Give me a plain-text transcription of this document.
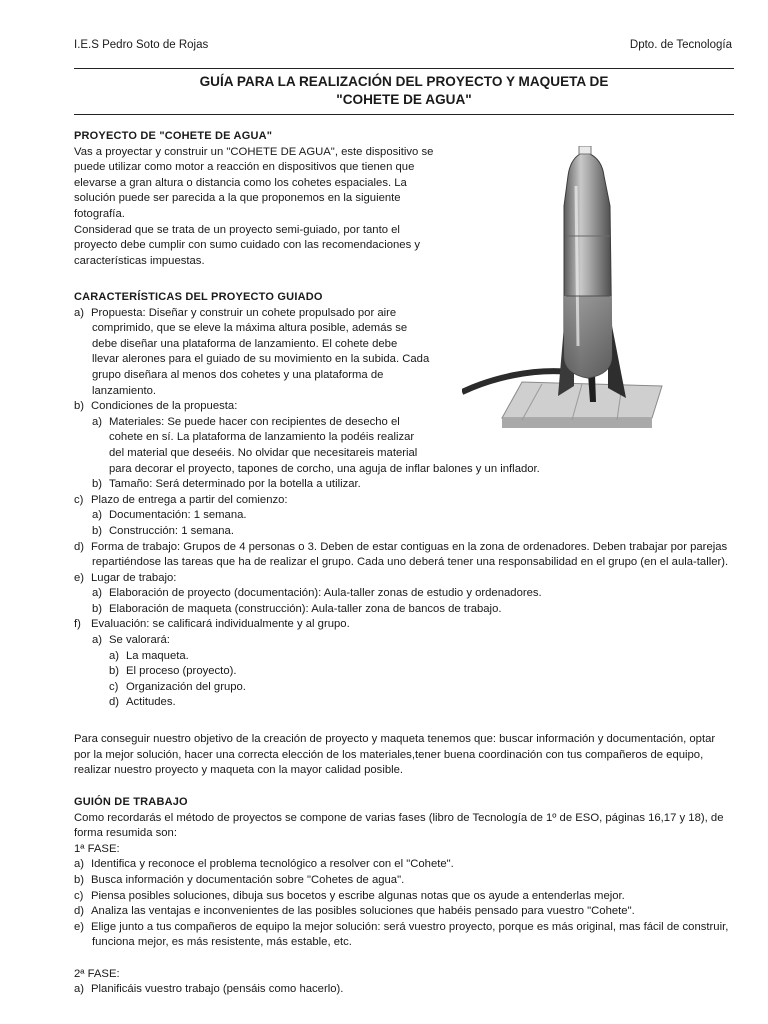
I.E.S Pedro Soto de Rojas	Dpto. de Tecnología
GUÍA PARA LA REALIZACIÓN DEL PROYECTO Y MAQUETA DE
"COHETE DE AGUA"

PROYECTO DE "COHETE DE AGUA"

Vas a proyectar y construir un "COHETE DE AGUA", este dispositivo se

puede utilizar como motor a reacción en dispositivos que tienen que

elevarse a gran altura o distancia como los cohetes espaciales. La

solución puede ser parecida a la que proponemos en la siguiente

fotografía.

Considerad que se trata de un proyecto semi-guiado, por tanto el

proyecto debe cumplir con sumo cuidado con las recomendaciones y

características impuestas.

CARACTERÍSTICAS DEL PROYECTO GUIADO

a) Propuesta: Diseñar y construir un cohete propulsado por aire

comprimido, que se eleve la máxima altura posible, además se

debe diseñar una plataforma de lanzamiento. El cohete debe

llevar alerones para el guiado de su movimiento en la subida. Cada

grupo diseñara al menos dos cohetes y una plataforma de

lanzamiento.

b) Condiciones de la propuesta:

a) Materiales: Se puede hacer con recipientes de desecho el

cohete en sí. La plataforma de lanzamiento la podéis realizar

del material que deseéis. No olvidar que necesitareis material

para decorar el proyecto, tapones de corcho, una aguja de inflar balones y un inflador.

b) Tamaño: Será determinado por la botella a utilizar.

c) Plazo de entrega a partir del comienzo:

a) Documentación: 1 semana.

b) Construcción: 1 semana.

d) Forma de trabajo: Grupos de 4 personas o 3. Deben de estar contiguas en la zona de ordenadores. Deben trabajar por parejas

repartiéndose las tareas que ha de realizar el grupo. Cada uno deberá tener una responsabilidad en el grupo (en el aula-taller).

e) Lugar de trabajo:

a) Elaboración de proyecto (documentación): Aula-taller zonas de estudio y ordenadores.

b) Elaboración de maqueta (construcción): Aula-taller zona de bancos de trabajo.

f) Evaluación: se calificará individualmente y al grupo.

a) Se valorará:

a) La maqueta.

b) El proceso (proyecto).

c) Organización del grupo.

d) Actitudes.

Para conseguir nuestro objetivo de la creación de proyecto y maqueta tenemos que: buscar información y documentación, optar

por la mejor solución, hacer una correcta elección de los materiales,tener buena coordinación con tus compañeros de equipo,

realizar nuestro proyecto y maqueta con la mayor calidad posible.

GUIÓN DE TRABAJO

Como recordarás el método de proyectos se compone de varias fases (libro de Tecnología de 1º de ESO, páginas 16,17 y 18), de

forma resumida son:

1ª FASE:

a) Identifica y reconoce el problema tecnológico a resolver con el "Cohete".

b) Busca información y documentación sobre "Cohetes de agua".

c) Piensa posibles soluciones, dibuja sus bocetos y escribe algunas notas que os ayude a entenderlas mejor.

d) Analiza las ventajas e inconvenientes de las posibles soluciones que habéis pensado para vuestro "Cohete".

e) Elige junto a tus compañeros de equipo la mejor solución: será vuestro proyecto, porque es más original, mas fácil de construir,

funciona mejor, es más resistente, más estable, etc.

2ª FASE:

a) Planificáis vuestro trabajo (pensáis como hacerlo).
